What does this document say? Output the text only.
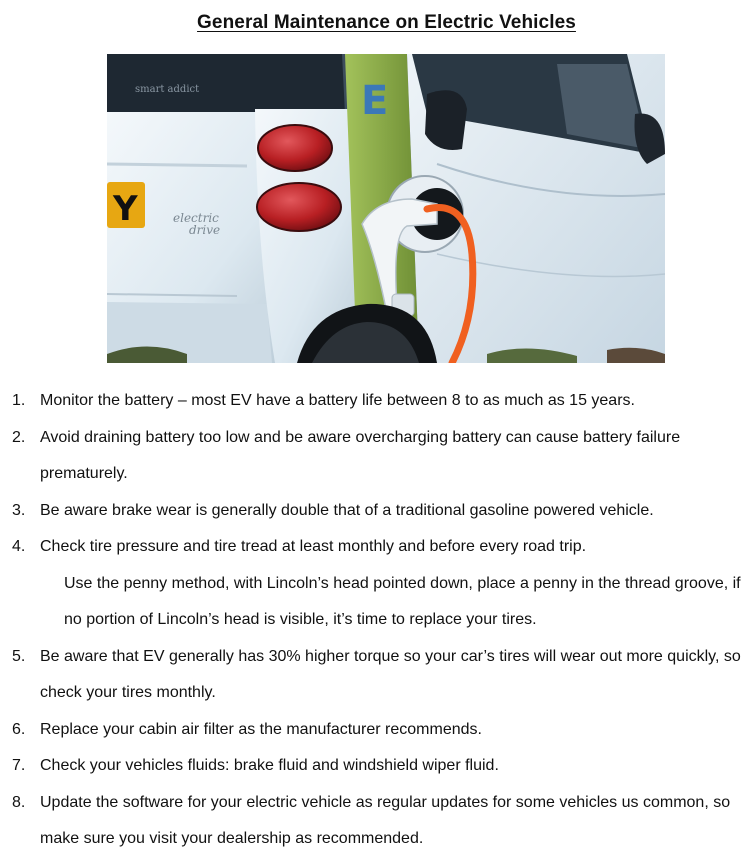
General Maintenance on Electric Vehicles
smart addict
Y	electric
drive
E
1. Monitor the battery – most EV have a battery life between 8 to as much as 15 years.
2. Avoid draining battery too low and be aware overcharging battery can cause battery failure prematurely.
3. Be aware brake wear is generally double that of a traditional gasoline powered vehicle.
4. Check tire pressure and tire tread at least monthly and before every road trip.
Use the penny method, with Lincoln’s head pointed down, place a penny in the thread groove, if no portion of Lincoln’s head is visible, it’s time to replace your tires.
5. Be aware that EV generally has 30% higher torque so your car’s tires will wear out more quickly, so check your tires monthly.
6. Replace your cabin air filter as the manufacturer recommends.
7. Check your vehicles fluids: brake fluid and windshield wiper fluid.
8. Update the software for your electric vehicle as regular updates for some vehicles us common, so make sure you visit your dealership as recommended.
